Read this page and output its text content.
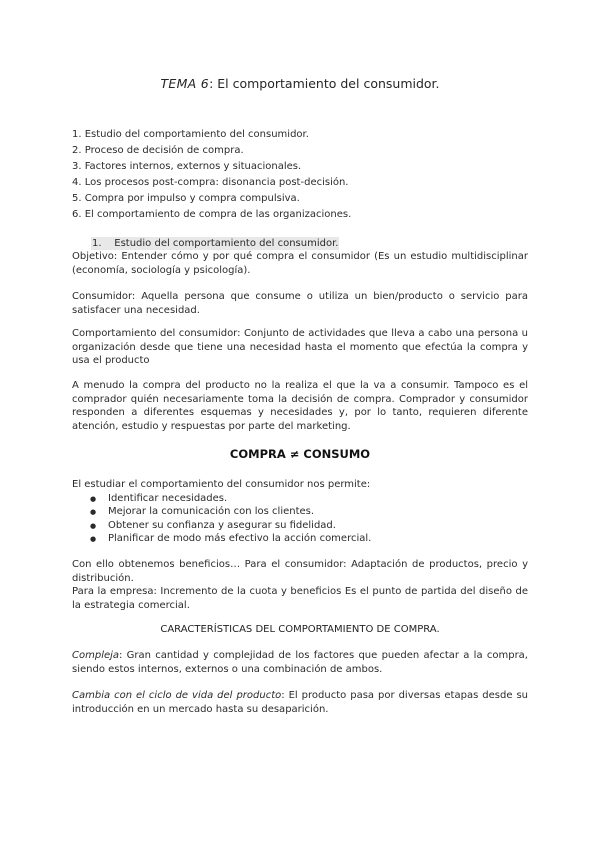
TEMA 6: El comportamiento del consumidor.
1. Estudio del comportamiento del consumidor.
2. Proceso de decisión de compra.
3. Factores internos, externos y situacionales.
4. Los procesos post-compra: disonancia post-decisión.
5. Compra por impulso y compra compulsiva.
6. El comportamiento de compra de las organizaciones.
1.    Estudio del comportamiento del consumidor.
Objetivo: Entender cómo y por qué compra el consumidor (Es un estudio multidisciplinar (economía, sociología y psicología).
Consumidor: Aquella persona que consume o utiliza un bien/producto o servicio para satisfacer una necesidad.
Comportamiento del consumidor: Conjunto de actividades que lleva a cabo una persona u organización desde que tiene una necesidad hasta el momento que efectúa la compra y usa el producto
A menudo la compra del producto no la realiza el que la va a consumir. Tampoco es el comprador quién necesariamente toma la decisión de compra. Comprador y consumidor responden a diferentes esquemas y necesidades y, por lo tanto, requieren diferente atención, estudio y respuestas por parte del marketing.
COMPRA ≠ CONSUMO
El estudiar el comportamiento del consumidor nos permite:
● Identificar necesidades.
● Mejorar la comunicación con los clientes.
● Obtener su confianza y asegurar su fidelidad.
● Planificar de modo más efectivo la acción comercial.
Con ello obtenemos beneficios… Para el consumidor: Adaptación de productos, precio y distribución.
Para la empresa: Incremento de la cuota y beneficios Es el punto de partida del diseño de la estrategia comercial.
CARACTERÍSTICAS DEL COMPORTAMIENTO DE COMPRA.
Compleja: Gran cantidad y complejidad de los factores que pueden afectar a la compra, siendo estos internos, externos o una combinación de ambos.
Cambia con el ciclo de vida del producto: El producto pasa por diversas etapas desde su introducción en un mercado hasta su desaparición.
